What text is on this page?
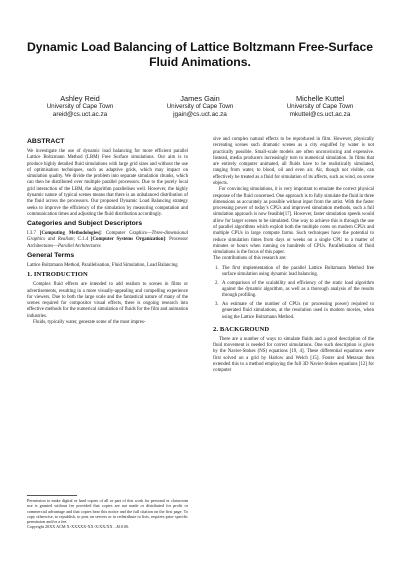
Dynamic Load Balancing of Lattice Boltzmann Free-Surface Fluid Animations.
Ashley Reid
University of Cape Town
areid@cs.uct.ac.za
James Gain
University of Cape Town
jgain@cs.uct.ac.za
Michelle Kuttel
University of Cape Town
mkuttel@cs.uct.ac.za
ABSTRACT

We investigate the use of dynamic load balancing for more efficient parallel Lattice Boltzmann Method (LBM) Free Surface simulations. Our aim is to produce highly detailed fluid simulations with large grid sizes and without the use of optimisation techniques, such as adaptive grids, which may impact on simulation quality. We divide the problem into separate simulation chunks, which can then be distributed over multiple parallel processors. Due to the purely local grid interaction of the LBM, the algorithm parallelises well. However, the highly dynamic nature of typical scenes means that there is an unbalanced distribution of the fluid across the processors. Our proposed Dynamic Load Balancing strategy seeks to improve the efficiency of the simulation by measuring computation and communication times and adjusting the fluid distribution accordingly.

Categories and Subject Descriptors

I.3.7 [Computing Methodologies]: Computer Graphics—Three-dimensional Graphics and Realism; C.1.4 [Computer Systems Organization]: Processor Architectures—Parallel Architectures

General Terms

Lattice Boltzmann Method, Parallelisation, Fluid Simulation, Load Balancing

1. INTRODUCTION

Complex fluid effects are intended to add realism to scenes in films or advertisements, resulting in a more visually-appealing and compelling experience for viewers. Due to both the large scale and the fantastical nature of many of the scenes required for compositor visual effects, there is ongoing research into effective methods for the numerical simulation of fluids for the film and animation industries.

Fluids, typically water, generate some of the most impres-

Permission to make digital or hard copies of all or part of this work for personal or classroom use is granted without fee provided that copies are not made or distributed for profit or commercial advantage and that copies bear this notice and the full citation on the first page. To copy otherwise, to republish, to post on servers or to redistribute to lists, requires prior specific permission and/or a fee.

Copyright 20XX ACM X-XXXXX-XX-X/XX/XX ...$10.00.

sive and complex natural effects to be reproduced in film. However, physically recreating scenes such dramatic scenes as a city engulfed by water is not practically possible. Small-scale models are often unconvincing and expensive. Instead, media producers increasingly turn to numerical simulation. In films that are entirely computer animated, all fluids have to be realistically simulated, ranging from water, to blood, oil and even air. Air, though not visible, can effectively be treated as a fluid for simulation of its affects, such as wind, on scene objects.

For convincing simulations, it is very important to emulate the correct physical response of the fluid concerned. One approach is to fully simulate the fluid in three dimensions as accurately as possible without input from the artist. With the faster processing power of today’s CPUs and improved simulation methods, such a full simulation approach is now feasible[17]. However, faster simulation speeds would allow for larger scenes to be simulated. One way to achieve this is through the use of parallel algorithms which exploit both the multiple cores on modern CPUs and multiple CPUs in large compute farms. Such techniques have the potential to reduce simulation times from days or weeks on a single CPU to a matter of minutes or hours when running on hundreds of CPUs. Parallelisation of fluid simulations is the focus of this paper.

The contributions of this research are:

1. The first implementation of the parallel Lattice Boltzmann Method free surface simulation using dynamic load balancing.
2. A comparison of the scalability and efficiency of the static load algorithm against the dynamic algorithm, as well as a thorough analysis of the results through profiling.
3. An estimate of the number of CPUs (or processing power) required to generated fluid simulations, at the resolution used in modern movies, when using the Lattice Boltzmann Method.
2. BACKGROUND

There are a number of ways to simulate fluids and a good description of the fluid movement is needed for correct simulations. One such description is given by the Navier-Stokes (NS) equations [19, 4]. These differential equations were first solved on a grid by Harlow and Welch [15]. Foster and Metaxas then extended this to a method employing the full 3D Navier-Stokes equations [12] for computer
